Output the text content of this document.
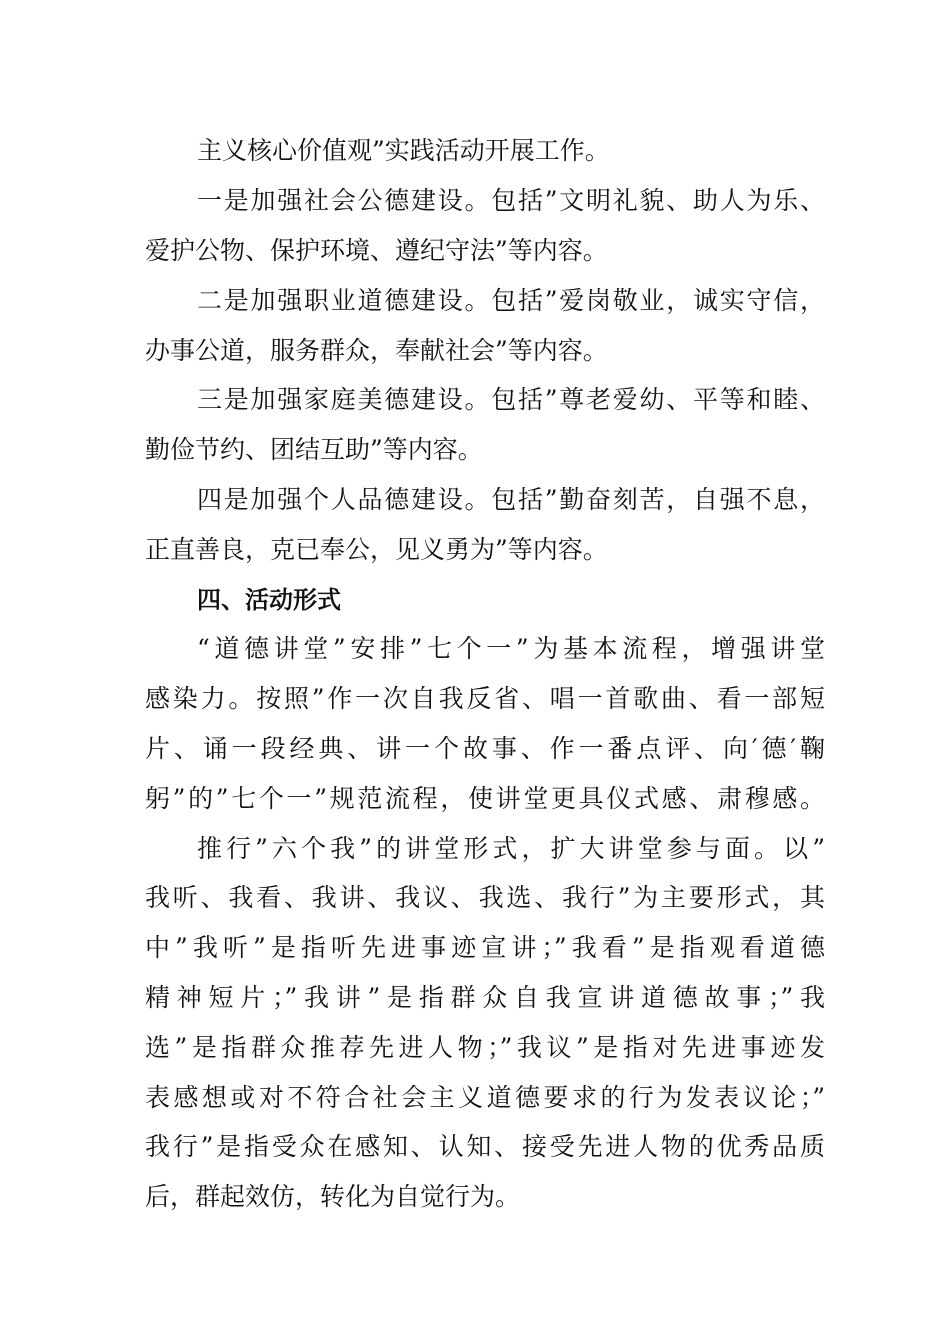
主义核心价值观”实践活动开展工作。
一是加强社会公德建设。包括”文明礼貌、助人为乐、
爱护公物、保护环境、遵纪守法”等内容。
二是加强职业道德建设。包括”爱岗敬业，诚实守信，
办事公道，服务群众，奉献社会”等内容。
三是加强家庭美德建设。包括”尊老爱幼、平等和睦、
勤俭节约、团结互助”等内容。
四是加强个人品德建设。包括”勤奋刻苦，自强不息，
正直善良，克已奉公，见义勇为”等内容。
四、活动形式
“道德讲堂”安排”七个一”为基本流程，增强讲堂
感染力。按照”作一次自我反省、唱一首歌曲、看一部短
片、诵一段经典、讲一个故事、作一番点评、向′德′鞠
躬”的”七个一”规范流程，使讲堂更具仪式感、肃穆感。
推行”六个我”的讲堂形式，扩大讲堂参与面。以”
我听、我看、我讲、我议、我选、我行”为主要形式，其
中”我听”是指听先进事迹宣讲；”我看”是指观看道德
精神短片；”我讲”是指群众自我宣讲道德故事；”我
选”是指群众推荐先进人物；”我议”是指对先进事迹发
表感想或对不符合社会主义道德要求的行为发表议论；”
我行”是指受众在感知、认知、接受先进人物的优秀品质
后，群起效仿，转化为自觉行为。
